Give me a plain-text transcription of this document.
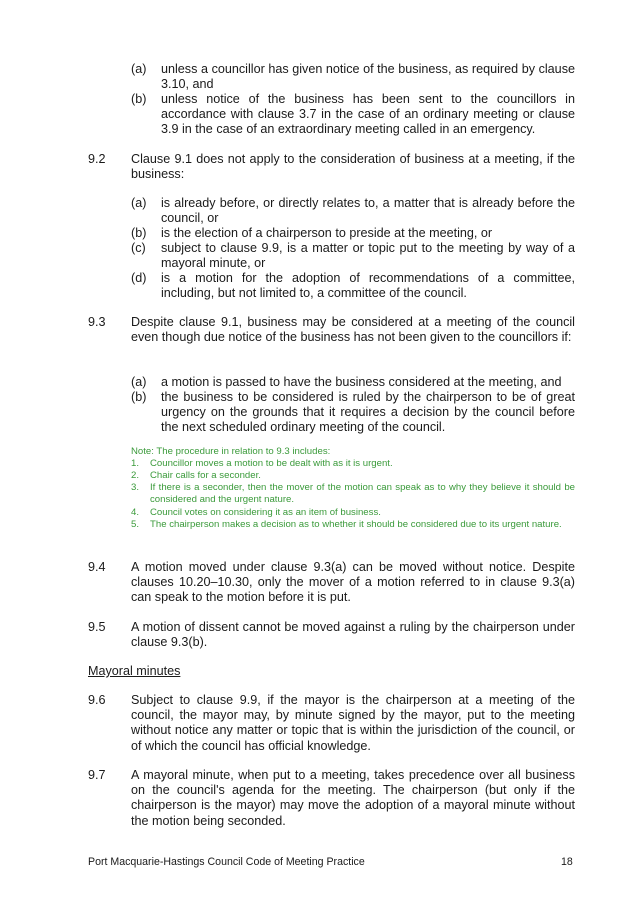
(a) unless a councillor has given notice of the business, as required by clause 3.10, and
(b) unless notice of the business has been sent to the councillors in accordance with clause 3.7 in the case of an ordinary meeting or clause 3.9 in the case of an extraordinary meeting called in an emergency.
9.2 Clause 9.1 does not apply to the consideration of business at a meeting, if the business:
(a) is already before, or directly relates to, a matter that is already before the council, or
(b) is the election of a chairperson to preside at the meeting, or
(c) subject to clause 9.9, is a matter or topic put to the meeting by way of a mayoral minute, or
(d) is a motion for the adoption of recommendations of a committee, including, but not limited to, a committee of the council.
9.3 Despite clause 9.1, business may be considered at a meeting of the council even though due notice of the business has not been given to the councillors if:
(a) a motion is passed to have the business considered at the meeting, and
(b) the business to be considered is ruled by the chairperson to be of great urgency on the grounds that it requires a decision by the council before the next scheduled ordinary meeting of the council.
Note: The procedure in relation to 9.3 includes:
1. Councillor moves a motion to be dealt with as it is urgent.
2. Chair calls for a seconder.
3. If there is a seconder, then the mover of the motion can speak as to why they believe it should be considered and the urgent nature.
4. Council votes on considering it as an item of business.
5. The chairperson makes a decision as to whether it should be considered due to its urgent nature.
9.4 A motion moved under clause 9.3(a) can be moved without notice. Despite clauses 10.20–10.30, only the mover of a motion referred to in clause 9.3(a) can speak to the motion before it is put.
9.5 A motion of dissent cannot be moved against a ruling by the chairperson under clause 9.3(b).
Mayoral minutes
9.6 Subject to clause 9.9, if the mayor is the chairperson at a meeting of the council, the mayor may, by minute signed by the mayor, put to the meeting without notice any matter or topic that is within the jurisdiction of the council, or of which the council has official knowledge.
9.7 A mayoral minute, when put to a meeting, takes precedence over all business on the council's agenda for the meeting. The chairperson (but only if the chairperson is the mayor) may move the adoption of a mayoral minute without the motion being seconded.
Port Macquarie-Hastings Council Code of Meeting Practice	18
